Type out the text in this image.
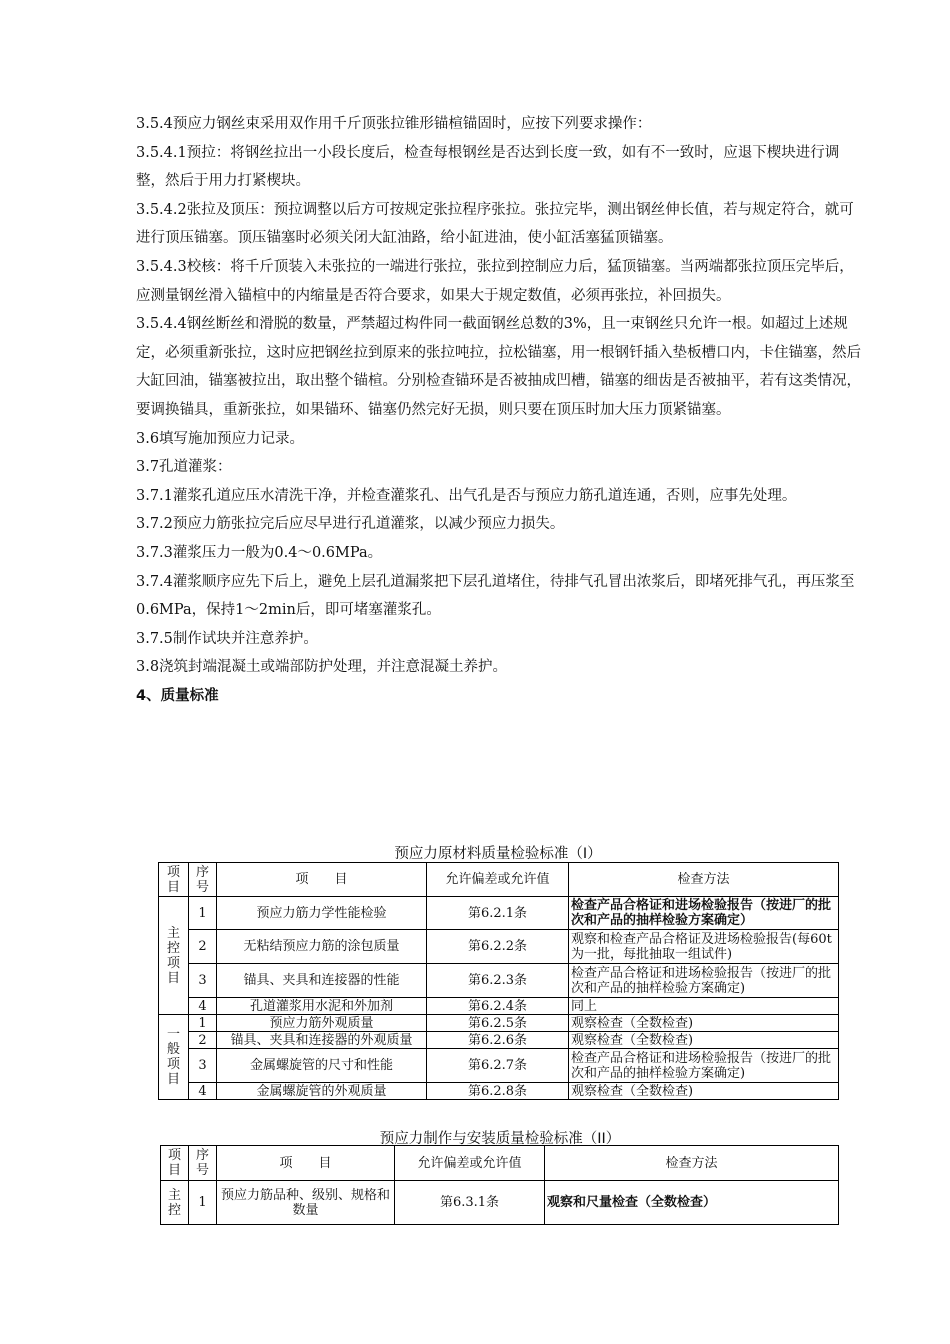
3.5.4预应力钢丝束采用双作用千斤顶张拉锥形锚楦锚固时，应按下列要求操作：

3.5.4.1预拉：将钢丝拉出一小段长度后，检查每根钢丝是否达到长度一致，如有不一致时，应退下楔块进行调整，然后于用力打紧楔块。

3.5.4.2张拉及顶压：预拉调整以后方可按规定张拉程序张拉。张拉完毕，测出钢丝伸长值，若与规定符合，就可进行顶压锚塞。顶压锚塞时必须关闭大缸油路，给小缸进油，使小缸活塞猛顶锚塞。

3.5.4.3校核：将千斤顶装入未张拉的一端进行张拉，张拉到控制应力后，猛顶锚塞。当两端都张拉顶压完毕后，应测量钢丝滑入锚楦中的内缩量是否符合要求，如果大于规定数值，必须再张拉，补回损失。

3.5.4.4钢丝断丝和滑脱的数量，严禁超过构件同一截面钢丝总数的3%，且一束钢丝只允许一根。如超过上述规定，必须重新张拉，这时应把钢丝拉到原来的张拉吨拉，拉松锚塞，用一根钢钎插入垫板槽口内，卡住锚塞，然后大缸回油，锚塞被拉出，取出整个锚楦。分别检查锚环是否被抽成凹槽，锚塞的细齿是否被抽平，若有这类情况，要调换锚具，重新张拉，如果锚环、锚塞仍然完好无损，则只要在顶压时加大压力顶紧锚塞。

3.6填写施加预应力记录。

3.7孔道灌浆：

3.7.1灌浆孔道应压水清洗干净，并检查灌浆孔、出气孔是否与预应力筋孔道连通，否则，应事先处理。

3.7.2预应力筋张拉完后应尽早进行孔道灌浆，以减少预应力损失。

3.7.3灌浆压力一般为0.4～0.6MPa。

3.7.4灌浆顺序应先下后上，避免上层孔道漏浆把下层孔道堵住，待排气孔冒出浓浆后，即堵死排气孔，再压浆至0.6MPa，保持1～2min后，即可堵塞灌浆孔。

3.7.5制作试块并注意养护。

3.8浇筑封端混凝土或端部防护处理，并注意混凝土养护。

4、质量标准

预应力原材料质量检验标准（I）
项目	序号	项　　目	允许偏差或允许值	检查方法
主控项目	1	预应力筋力学性能检验	第6.2.1条	检查产品合格证和进场检验报告（按进厂的批次和产品的抽样检验方案确定）
	2	无粘结预应力筋的涂包质量	第6.2.2条	观察和检查产品合格证及进场检验报告(每60t为一批，每批抽取一组试件)
	3	锚具、夹具和连接器的性能	第6.2.3条	检查产品合格证和进场检验报告（按进厂的批次和产品的抽样检验方案确定)
	4	孔道灌浆用水泥和外加剂	第6.2.4条	同上
一般项目	1	预应力筋外观质量	第6.2.5条	观察检查（全数检查)
	2	锚具、夹具和连接器的外观质量	第6.2.6条	观察检查（全数检查)
	3	金属螺旋管的尺寸和性能	第6.2.7条	检查产品合格证和进场检验报告（按进厂的批次和产品的抽样检验方案确定)
	4	金属螺旋管的外观质量	第6.2.8条	观察检查（全数检查)
预应力制作与安装质量检验标准（II）
项目	序号	项　　目	允许偏差或允许值	检查方法
主控	1	预应力筋品种、级别、规格和数量	第6.3.1条	观察和尺量检查（全数检查）
